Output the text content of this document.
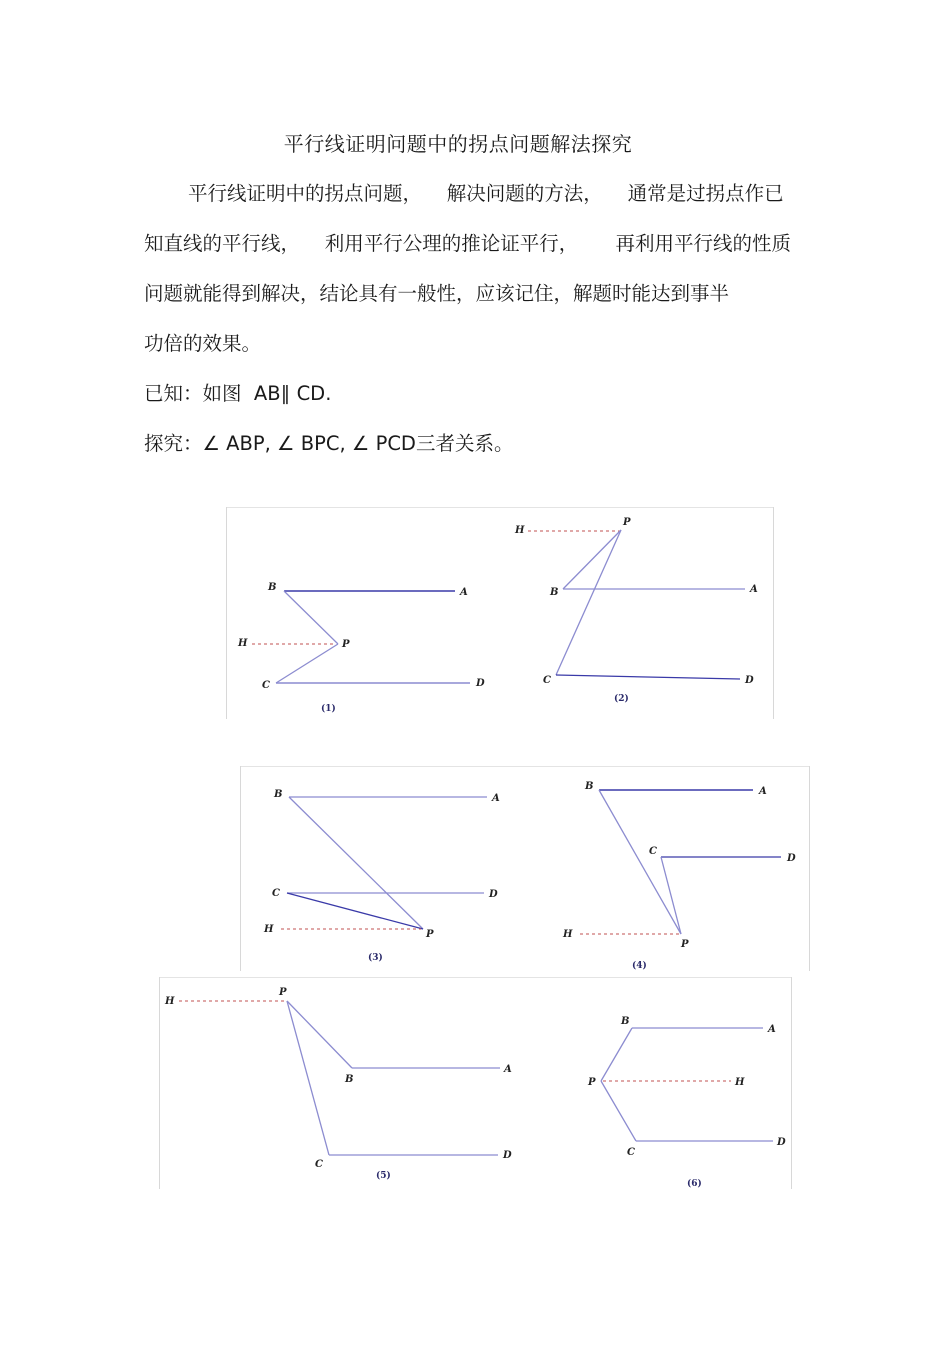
平行线证明问题中的拐点问题解法探究
平行线证明中的拐点问题，    解决问题的方法，    通常是过拐点作已
知直线的平行线，    利用平行公理的推论证平行，      再利用平行线的性质
问题就能得到解决，结论具有一般性，应该记住，解题时能达到事半
功倍的效果。
已知：如图  AB∥ CD.
探究：∠ ABP, ∠ BPC, ∠ PCD三者关系。
B	A
H	P
C	D
(1)
H
P
B	A
C	D
(2)
B	A
C	D
H	P
(3)
B	A
C
D
H
P
(4)
H
P
B
A
C
D
(5)
B
A
P	H
C
D
(6)
